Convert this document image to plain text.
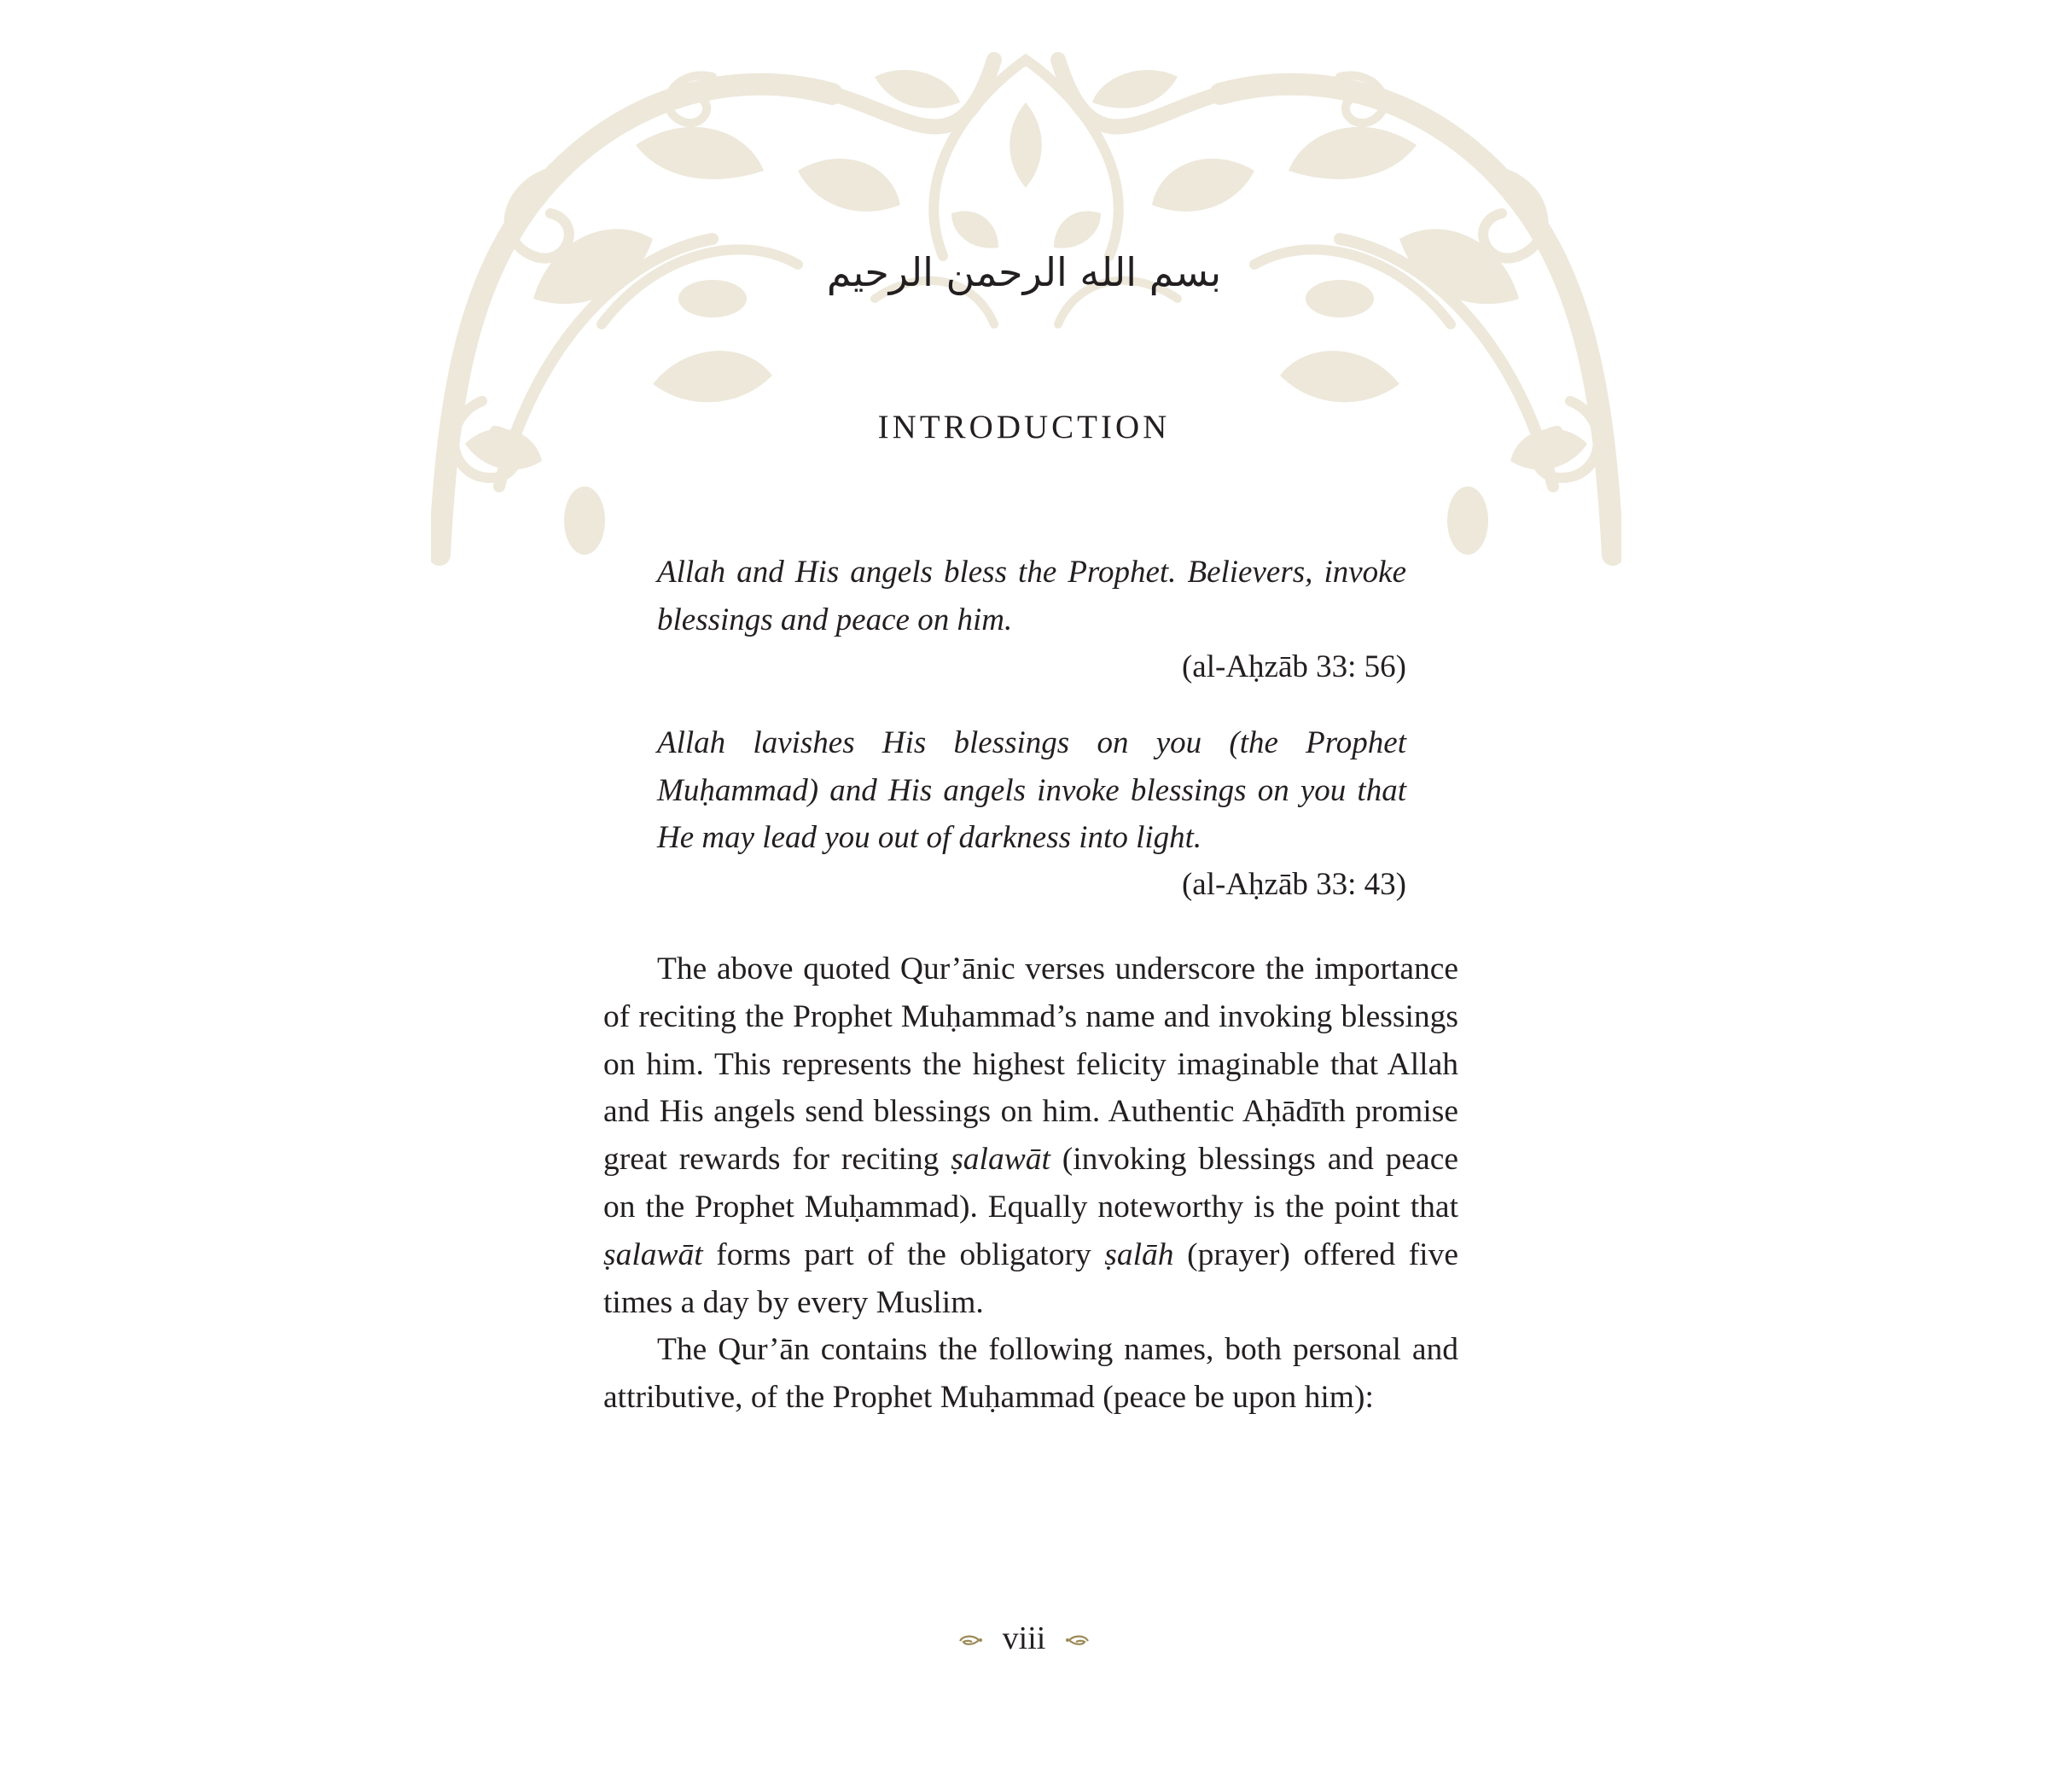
بسم الله الرحمن الرحيم
INTRODUCTION
Allah and His angels bless the Prophet. Believers, invoke blessings and peace on him.
(al-Aḥzāb 33: 56)
Allah lavishes His blessings on you (the Prophet Muḥammad) and His angels invoke blessings on you that He may lead you out of darkness into light.
(al-Aḥzāb 33: 43)

The above quoted Qur’ānic verses underscore the importance of reciting the Prophet Muḥammad’s name and invoking blessings on him. This represents the highest felicity imaginable that Allah and His angels send blessings on him. Authentic Aḥādīth promise great rewards for reciting ṣalawāt (invoking blessings and peace on the Prophet Muḥammad). Equally noteworthy is the point that ṣalawāt forms part of the obligatory ṣalāh (prayer) offered five times a day by every Muslim.

The Qur’ān contains the following names, both personal and attributive, of the Prophet Muḥammad (peace be upon him):

viii
